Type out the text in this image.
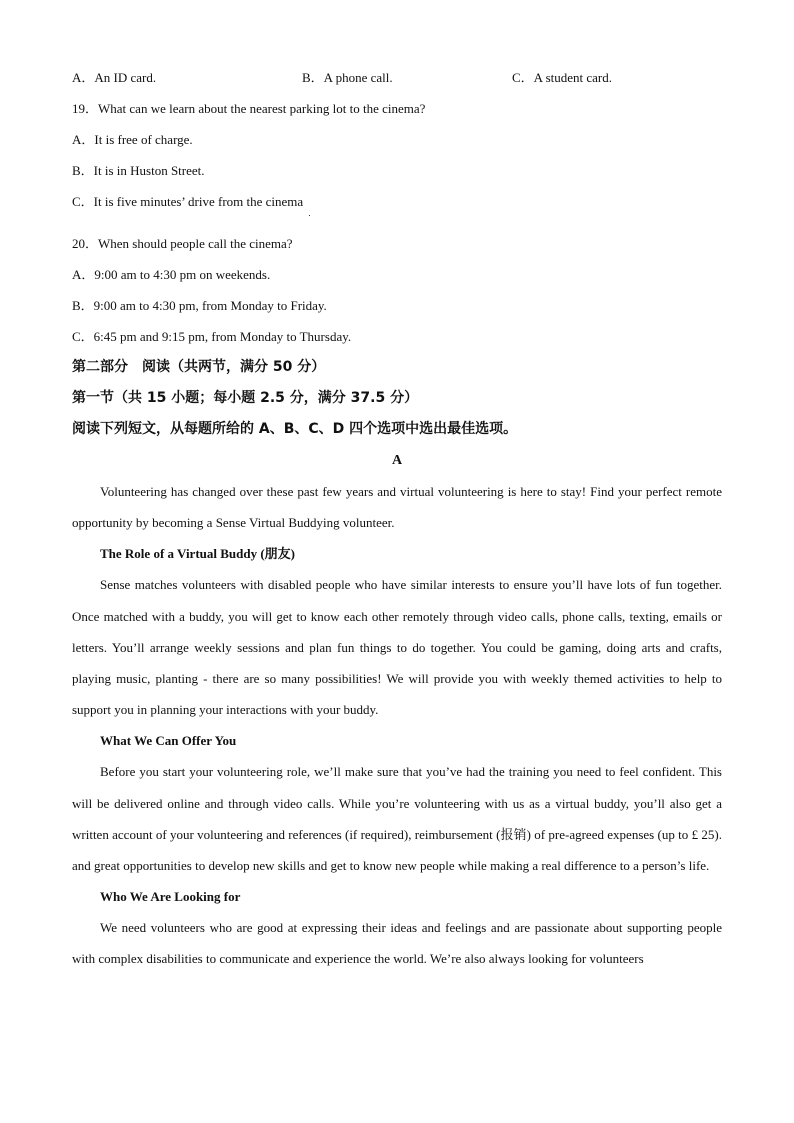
A．An ID card.	B．A phone call.	C．A student card.
19．What can we learn about the nearest parking lot to the cinema?
A．It is free of charge.
B．It is in Huston Street.
C．It is five minutes’ drive from the cinema
20．When should people call the cinema?
A．9:00 am to 4:30 pm on weekends.
B．9:00 am to 4:30 pm, from Monday to Friday.
C．6:45 pm and 9:15 pm, from Monday to Thursday.
第二部分　阅读（共两节，满分 50 分）
第一节（共 15 小题；每小题 2.5 分，满分 37.5 分）
阅读下列短文，从每题所给的 A、B、C、D 四个选项中选出最佳选项。
A

Volunteering has changed over these past few years and virtual volunteering is here to stay! Find your perfect remote opportunity by becoming a Sense Virtual Buddying volunteer.

The Role of a Virtual Buddy (朋友)

Sense matches volunteers with disabled people who have similar interests to ensure you’ll have lots of fun together. Once matched with a buddy, you will get to know each other remotely through video calls, phone calls, texting, emails or letters. You’ll arrange weekly sessions and plan fun things to do together. You could be gaming, doing arts and crafts, playing music, planting - there are so many possibilities! We will provide you with weekly themed activities to help to support you in planning your interactions with your buddy.

What We Can Offer You

Before you start your volunteering role, we’ll make sure that you’ve had the training you need to feel confident. This will be delivered online and through video calls. While you’re volunteering with us as a virtual buddy, you’ll also get a written account of your volunteering and references (if required), reimbursement (报销) of pre-agreed expenses (up to £ 25). and great opportunities to develop new skills and get to know new people while making a real difference to a person’s life.

Who We Are Looking for

We need volunteers who are good at expressing their ideas and feelings and are passionate about supporting people with complex disabilities to communicate and experience the world. We’re also always looking for volunteers
